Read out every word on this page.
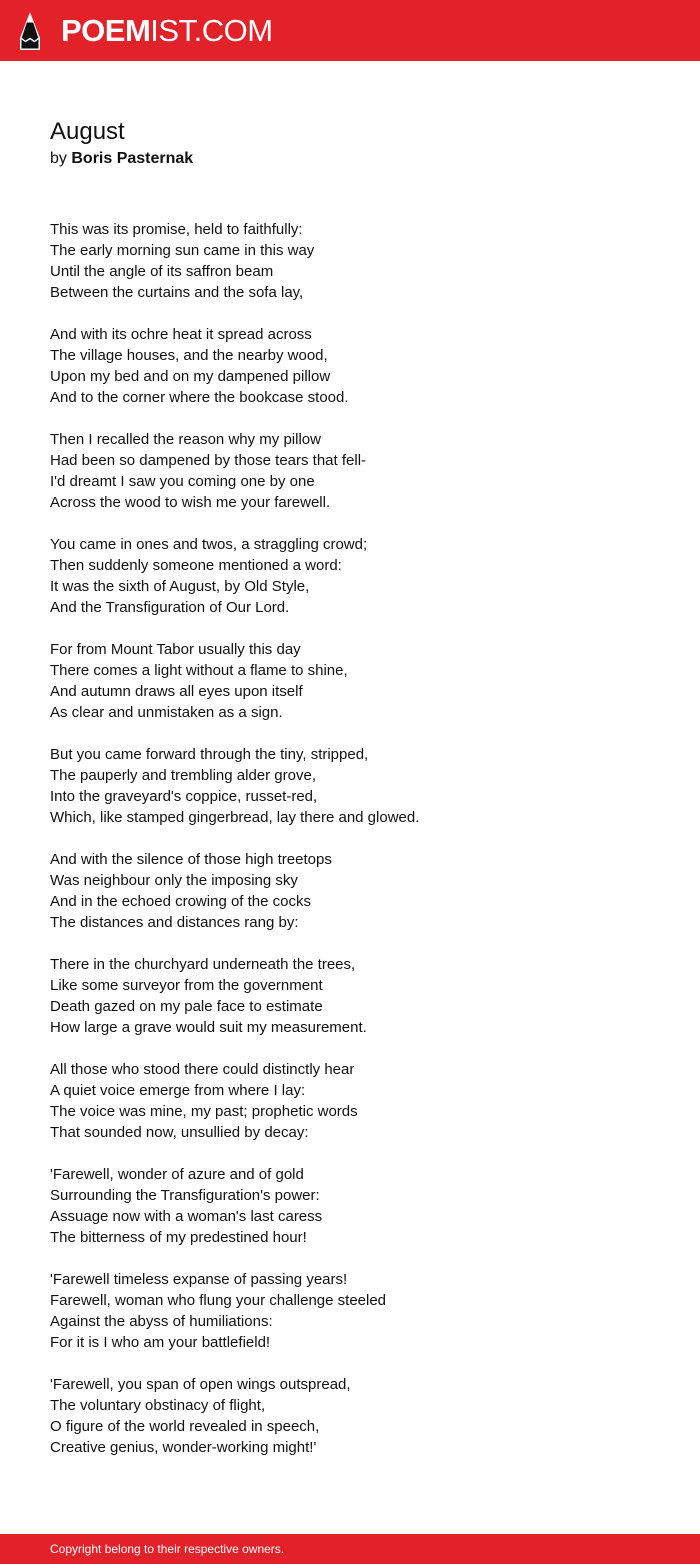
POEMIST.COM
August
by Boris Pasternak
This was its promise, held to faithfully:
The early morning sun came in this way
Until the angle of its saffron beam
Between the curtains and the sofa lay,
And with its ochre heat it spread across
The village houses, and the nearby wood,
Upon my bed and on my dampened pillow
And to the corner where the bookcase stood.
Then I recalled the reason why my pillow
Had been so dampened by those tears that fell-
I'd dreamt I saw you coming one by one
Across the wood to wish me your farewell.
You came in ones and twos, a straggling crowd;
Then suddenly someone mentioned a word:
It was the sixth of August, by Old Style,
And the Transfiguration of Our Lord.
For from Mount Tabor usually this day
There comes a light without a flame to shine,
And autumn draws all eyes upon itself
As clear and unmistaken as a sign.
But you came forward through the tiny, stripped,
The pauperly and trembling alder grove,
Into the graveyard's coppice, russet-red,
Which, like stamped gingerbread, lay there and glowed.
And with the silence of those high treetops
Was neighbour only the imposing sky
And in the echoed crowing of the cocks
The distances and distances rang by:
There in the churchyard underneath the trees,
Like some surveyor from the government
Death gazed on my pale face to estimate
How large a grave would suit my measurement.
All those who stood there could distinctly hear
A quiet voice emerge from where I lay:
The voice was mine, my past; prophetic words
That sounded now, unsullied by decay:
'Farewell, wonder of azure and of gold
Surrounding the Transfiguration's power:
Assuage now with a woman's last caress
The bitterness of my predestined hour!
'Farewell timeless expanse of passing years!
Farewell, woman who flung your challenge steeled
Against the abyss of humiliations:
For it is I who am your battlefield!
'Farewell, you span of open wings outspread,
The voluntary obstinacy of flight,
O figure of the world revealed in speech,
Creative genius, wonder-working might!'
Copyright belong to their respective owners.
